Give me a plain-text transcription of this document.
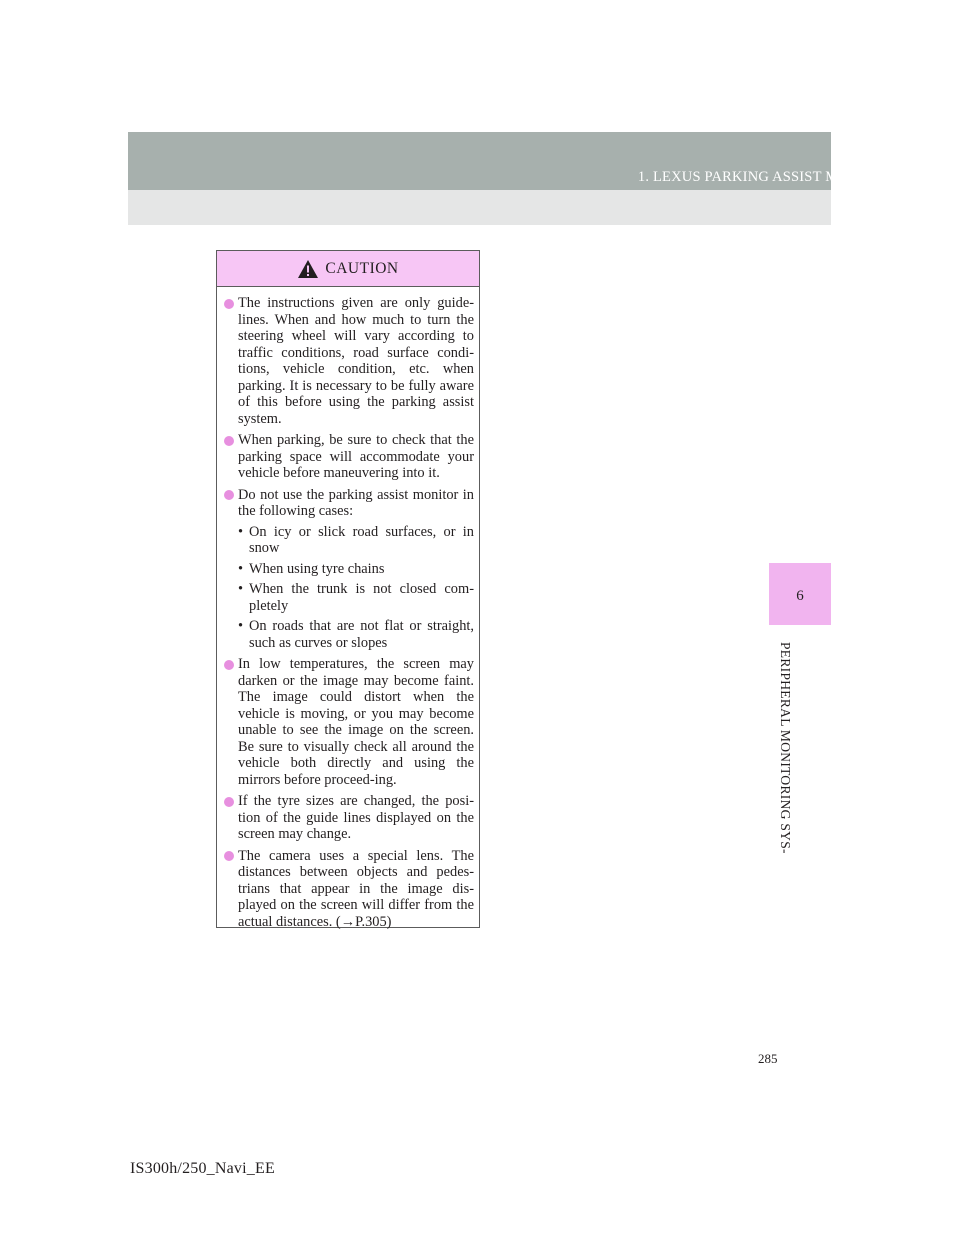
1. LEXUS PARKING ASSIST MONITOR
6
PERIPHERAL MONITORING SYS-
CAUTION
The instructions given are only guide-lines. When and how much to turn the steering wheel will vary according to traffic conditions, road surface condi-tions, vehicle condition, etc. when parking. It is necessary to be fully aware of this before using the parking assist system.
When parking, be sure to check that the parking space will accommodate your vehicle before maneuvering into it.
Do not use the parking assist monitor in the following cases:
• On icy or slick road surfaces, or in snow
• When using tyre chains
• When the trunk is not closed com-pletely
• On roads that are not flat or straight, such as curves or slopes
In low temperatures, the screen may darken or the image may become faint. The image could distort when the vehicle is moving, or you may become unable to see the image on the screen. Be sure to visually check all around the vehicle both directly and using the mirrors before proceed-ing.
If the tyre sizes are changed, the posi-tion of the guide lines displayed on the screen may change.
The camera uses a special lens. The distances between objects and pedes-trians that appear in the image dis-played on the screen will differ from the actual distances. (→P.305)
285
IS300h/250_Navi_EE
